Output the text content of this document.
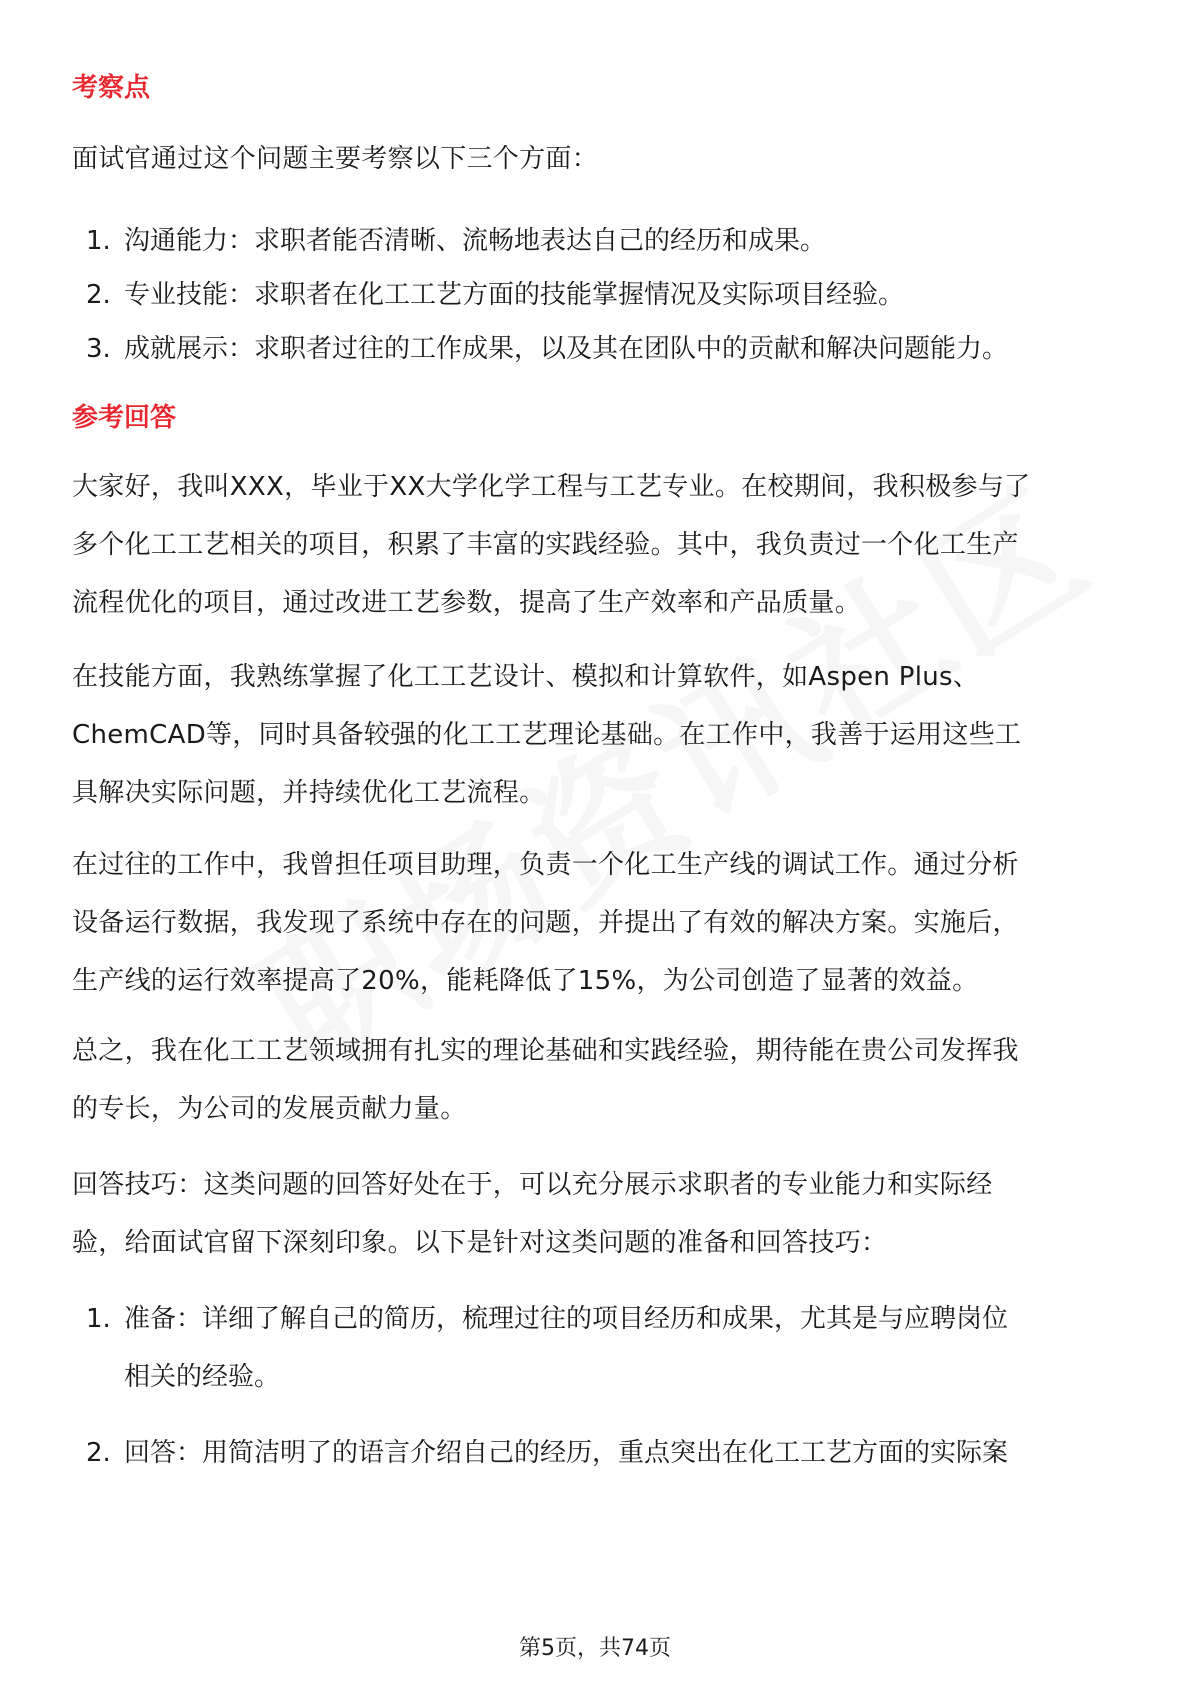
考察点
面试官通过这个问题主要考察以下三个方面：
1. 沟通能力：求职者能否清晰、流畅地表达自己的经历和成果。
2. 专业技能：求职者在化工工艺方面的技能掌握情况及实际项目经验。
3. 成就展示：求职者过往的工作成果，以及其在团队中的贡献和解决问题能力。
参考回答
大家好，我叫XXX，毕业于XX大学化学工程与工艺专业。在校期间，我积极参与了
多个化工工艺相关的项目，积累了丰富的实践经验。其中，我负责过一个化工生产
流程优化的项目，通过改进工艺参数，提高了生产效率和产品质量。
在技能方面，我熟练掌握了化工工艺设计、模拟和计算软件，如Aspen Plus、
ChemCAD等，同时具备较强的化工工艺理论基础。在工作中，我善于运用这些工
具解决实际问题，并持续优化工艺流程。
在过往的工作中，我曾担任项目助理，负责一个化工生产线的调试工作。通过分析
设备运行数据，我发现了系统中存在的问题，并提出了有效的解决方案。实施后，
生产线的运行效率提高了20%，能耗降低了15%，为公司创造了显著的效益。
总之，我在化工工艺领域拥有扎实的理论基础和实践经验，期待能在贵公司发挥我
的专长，为公司的发展贡献力量。
回答技巧：这类问题的回答好处在于，可以充分展示求职者的专业能力和实际经
验，给面试官留下深刻印象。以下是针对这类问题的准备和回答技巧：
1. 准备：详细了解自己的简历，梳理过往的项目经历和成果，尤其是与应聘岗位
相关的经验。
2. 回答：用简洁明了的语言介绍自己的经历，重点突出在化工工艺方面的实际案
第5页，共74页
